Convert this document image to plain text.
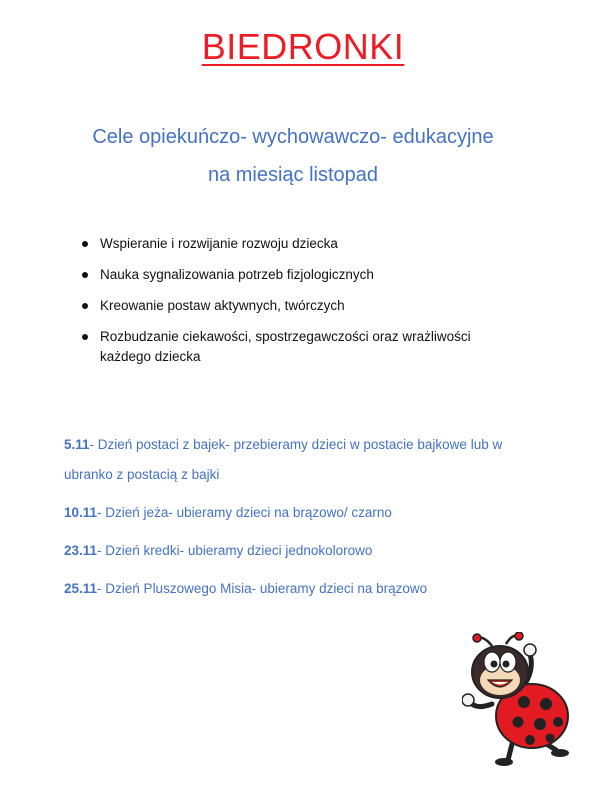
BIEDRONKI
Cele opiekuńczo- wychowawczo- edukacyjne
na miesiąc listopad
Wspieranie i rozwijanie rozwoju dziecka
Nauka sygnalizowania potrzeb fizjologicznych
Kreowanie postaw aktywnych, twórczych
Rozbudzanie ciekawości, spostrzegawczości oraz wrażliwości każdego dziecka
5.11- Dzień postaci z bajek- przebieramy dzieci w postacie bajkowe lub w ubranko z postacią z bajki
10.11- Dzień jeża- ubieramy dzieci na brązowo/ czarno
23.11- Dzień kredki- ubieramy dzieci jednokolorowo
25.11- Dzień Pluszowego Misia- ubieramy dzieci na brązowo
